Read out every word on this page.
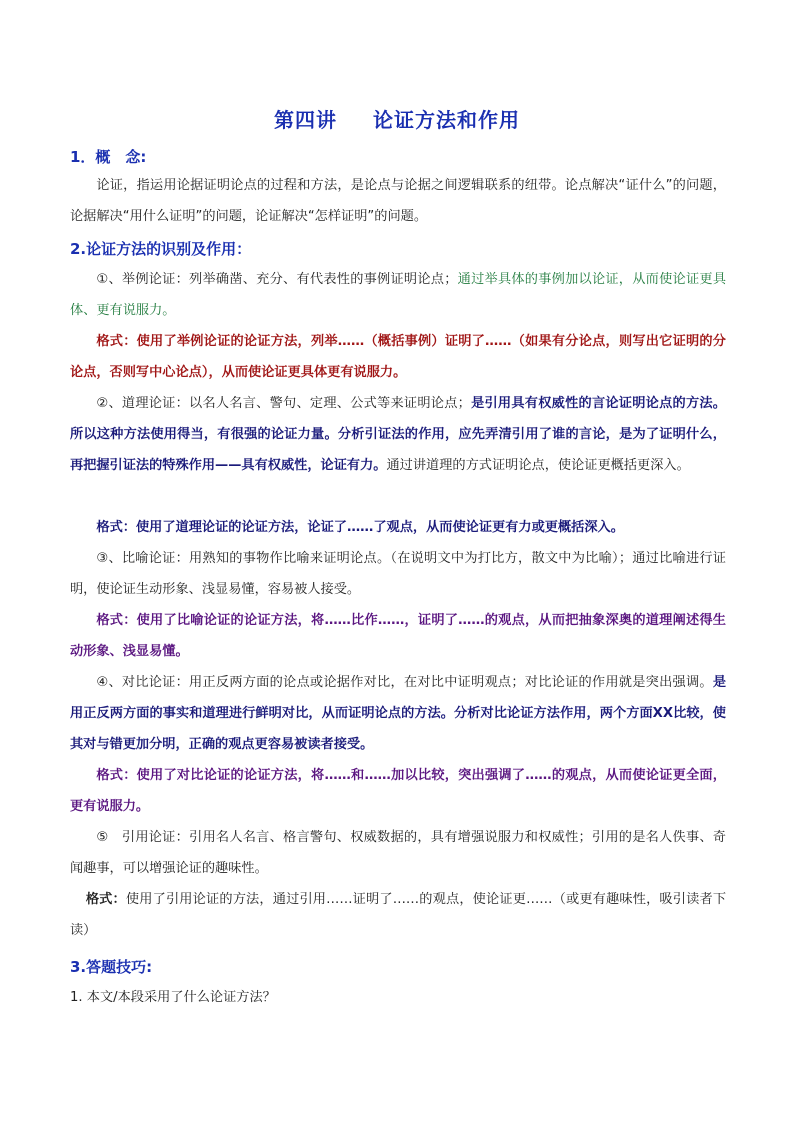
第四讲 论证方法和作用
1．概　念:
论证，指运用论据证明论点的过程和方法，是论点与论据之间逻辑联系的纽带。论点解决“证什么”的问题，论据解决“用什么证明”的问题，论证解决“怎样证明”的问题。
2.论证方法的识别及作用：
①、举例论证：列举确凿、充分、有代表性的事例证明论点；通过举具体的事例加以论证，从而使论证更具体、更有说服力。
格式：使用了举例论证的论证方法，列举……（概括事例）证明了……（如果有分论点，则写出它证明的分论点，否则写中心论点），从而使论证更具体更有说服力。
②、道理论证：以名人名言、警句、定理、公式等来证明论点；是引用具有权威性的言论证明论点的方法。所以这种方法使用得当，有很强的论证力量。分析引证法的作用，应先弄清引用了谁的言论，是为了证明什么，再把握引证法的特殊作用——具有权威性，论证有力。通过讲道理的方式证明论点，使论证更概括更深入。
格式：使用了道理论证的论证方法，论证了……了观点，从而使论证更有力或更概括深入。
③、比喻论证：用熟知的事物作比喻来证明论点。（在说明文中为打比方，散文中为比喻）；通过比喻进行证明，使论证生动形象、浅显易懂，容易被人接受。
格式：使用了比喻论证的论证方法，将……比作……，证明了……的观点，从而把抽象深奥的道理阐述得生动形象、浅显易懂。
④、对比论证：用正反两方面的论点或论据作对比，在对比中证明观点；对比论证的作用就是突出强调。是用正反两方面的事实和道理进行鲜明对比，从而证明论点的方法。分析对比论证方法作用，两个方面XX比较，使其对与错更加分明，正确的观点更容易被读者接受。
格式：使用了对比论证的论证方法，将……和……加以比较，突出强调了……的观点，从而使论证更全面，更有说服力。
⑤　引用论证：引用名人名言、格言警句、权威数据的，具有增强说服力和权威性；引用的是名人佚事、奇闻趣事，可以增强论证的趣味性。
格式：使用了引用论证的方法，通过引用……证明了……的观点，使论证更……（或更有趣味性，吸引读者下读）
3.答题技巧:
1. 本文/本段采用了什么论证方法？
